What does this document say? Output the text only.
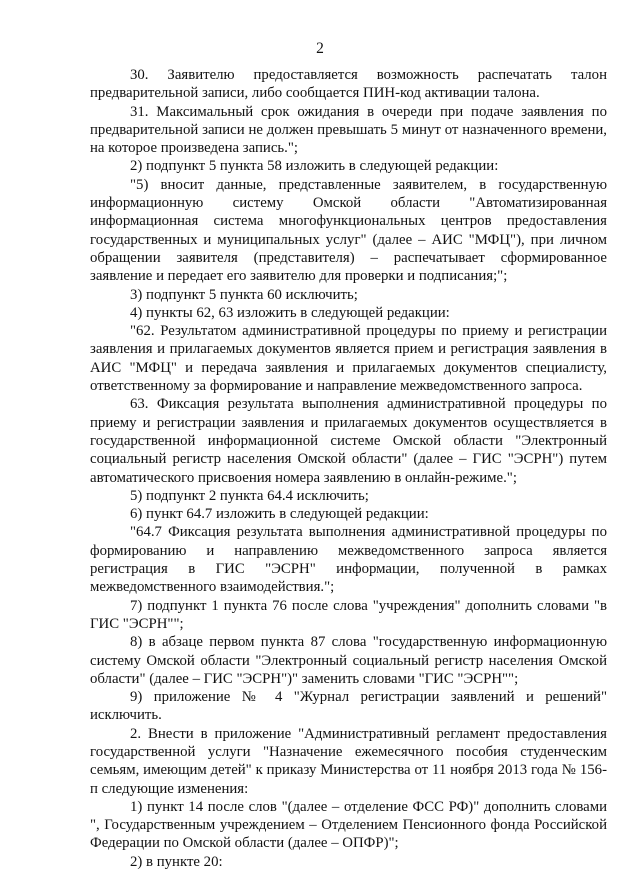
2

30. Заявителю предоставляется возможность распечатать талон предварительной записи, либо сообщается ПИН-код активации талона.

31. Максимальный срок ожидания в очереди при подаче заявления по предварительной записи не должен превышать 5 минут от назначенного времени, на которое произведена запись.";

2) подпункт 5 пункта 58 изложить в следующей редакции:

"5) вносит данные, представленные заявителем, в государственную информационную систему Омской области "Автоматизированная информационная система многофункциональных центров предоставления государственных и муниципальных услуг" (далее – АИС "МФЦ"), при личном обращении заявителя (представителя) – распечатывает сформированное заявление и передает его заявителю для проверки и подписания;";

3) подпункт 5 пункта 60 исключить;

4) пункты 62, 63 изложить в следующей редакции:

"62. Результатом административной процедуры по приему и регистрации заявления и прилагаемых документов является прием и регистрация заявления в АИС "МФЦ" и передача заявления и прилагаемых документов специалисту, ответственному за формирование и направление межведомственного запроса.

63. Фиксация результата выполнения административной процедуры по приему и регистрации заявления и прилагаемых документов осуществляется в государственной информационной системе Омской области "Электронный социальный регистр населения Омской области" (далее – ГИС "ЭСРН") путем автоматического присвоения номера заявлению в онлайн-режиме.";

5) подпункт 2 пункта 64.4 исключить;

6) пункт 64.7 изложить в следующей редакции:

"64.7 Фиксация результата выполнения административной процедуры по формированию и направлению межведомственного запроса является регистрация в ГИС "ЭСРН" информации, полученной в рамках межведомственного взаимодействия.";

7) подпункт 1 пункта 76 после слова "учреждения" дополнить словами "в ГИС "ЭСРН"";

8) в абзаце первом пункта 87 слова "государственную информационную систему Омской области "Электронный социальный регистр населения Омской области" (далее – ГИС "ЭСРН")" заменить словами "ГИС "ЭСРН"";

9) приложение № 4 "Журнал регистрации заявлений и решений" исключить.

2. Внести в приложение "Административный регламент предоставления государственной услуги "Назначение ежемесячного пособия студенческим семьям, имеющим детей" к приказу Министерства от 11 ноября 2013 года № 156-п следующие изменения:

1) пункт 14 после слов "(далее – отделение ФСС РФ)" дополнить словами ", Государственным учреждением – Отделением Пенсионного фонда Российской Федерации по Омской области (далее – ОПФР)";

2) в пункте 20:
